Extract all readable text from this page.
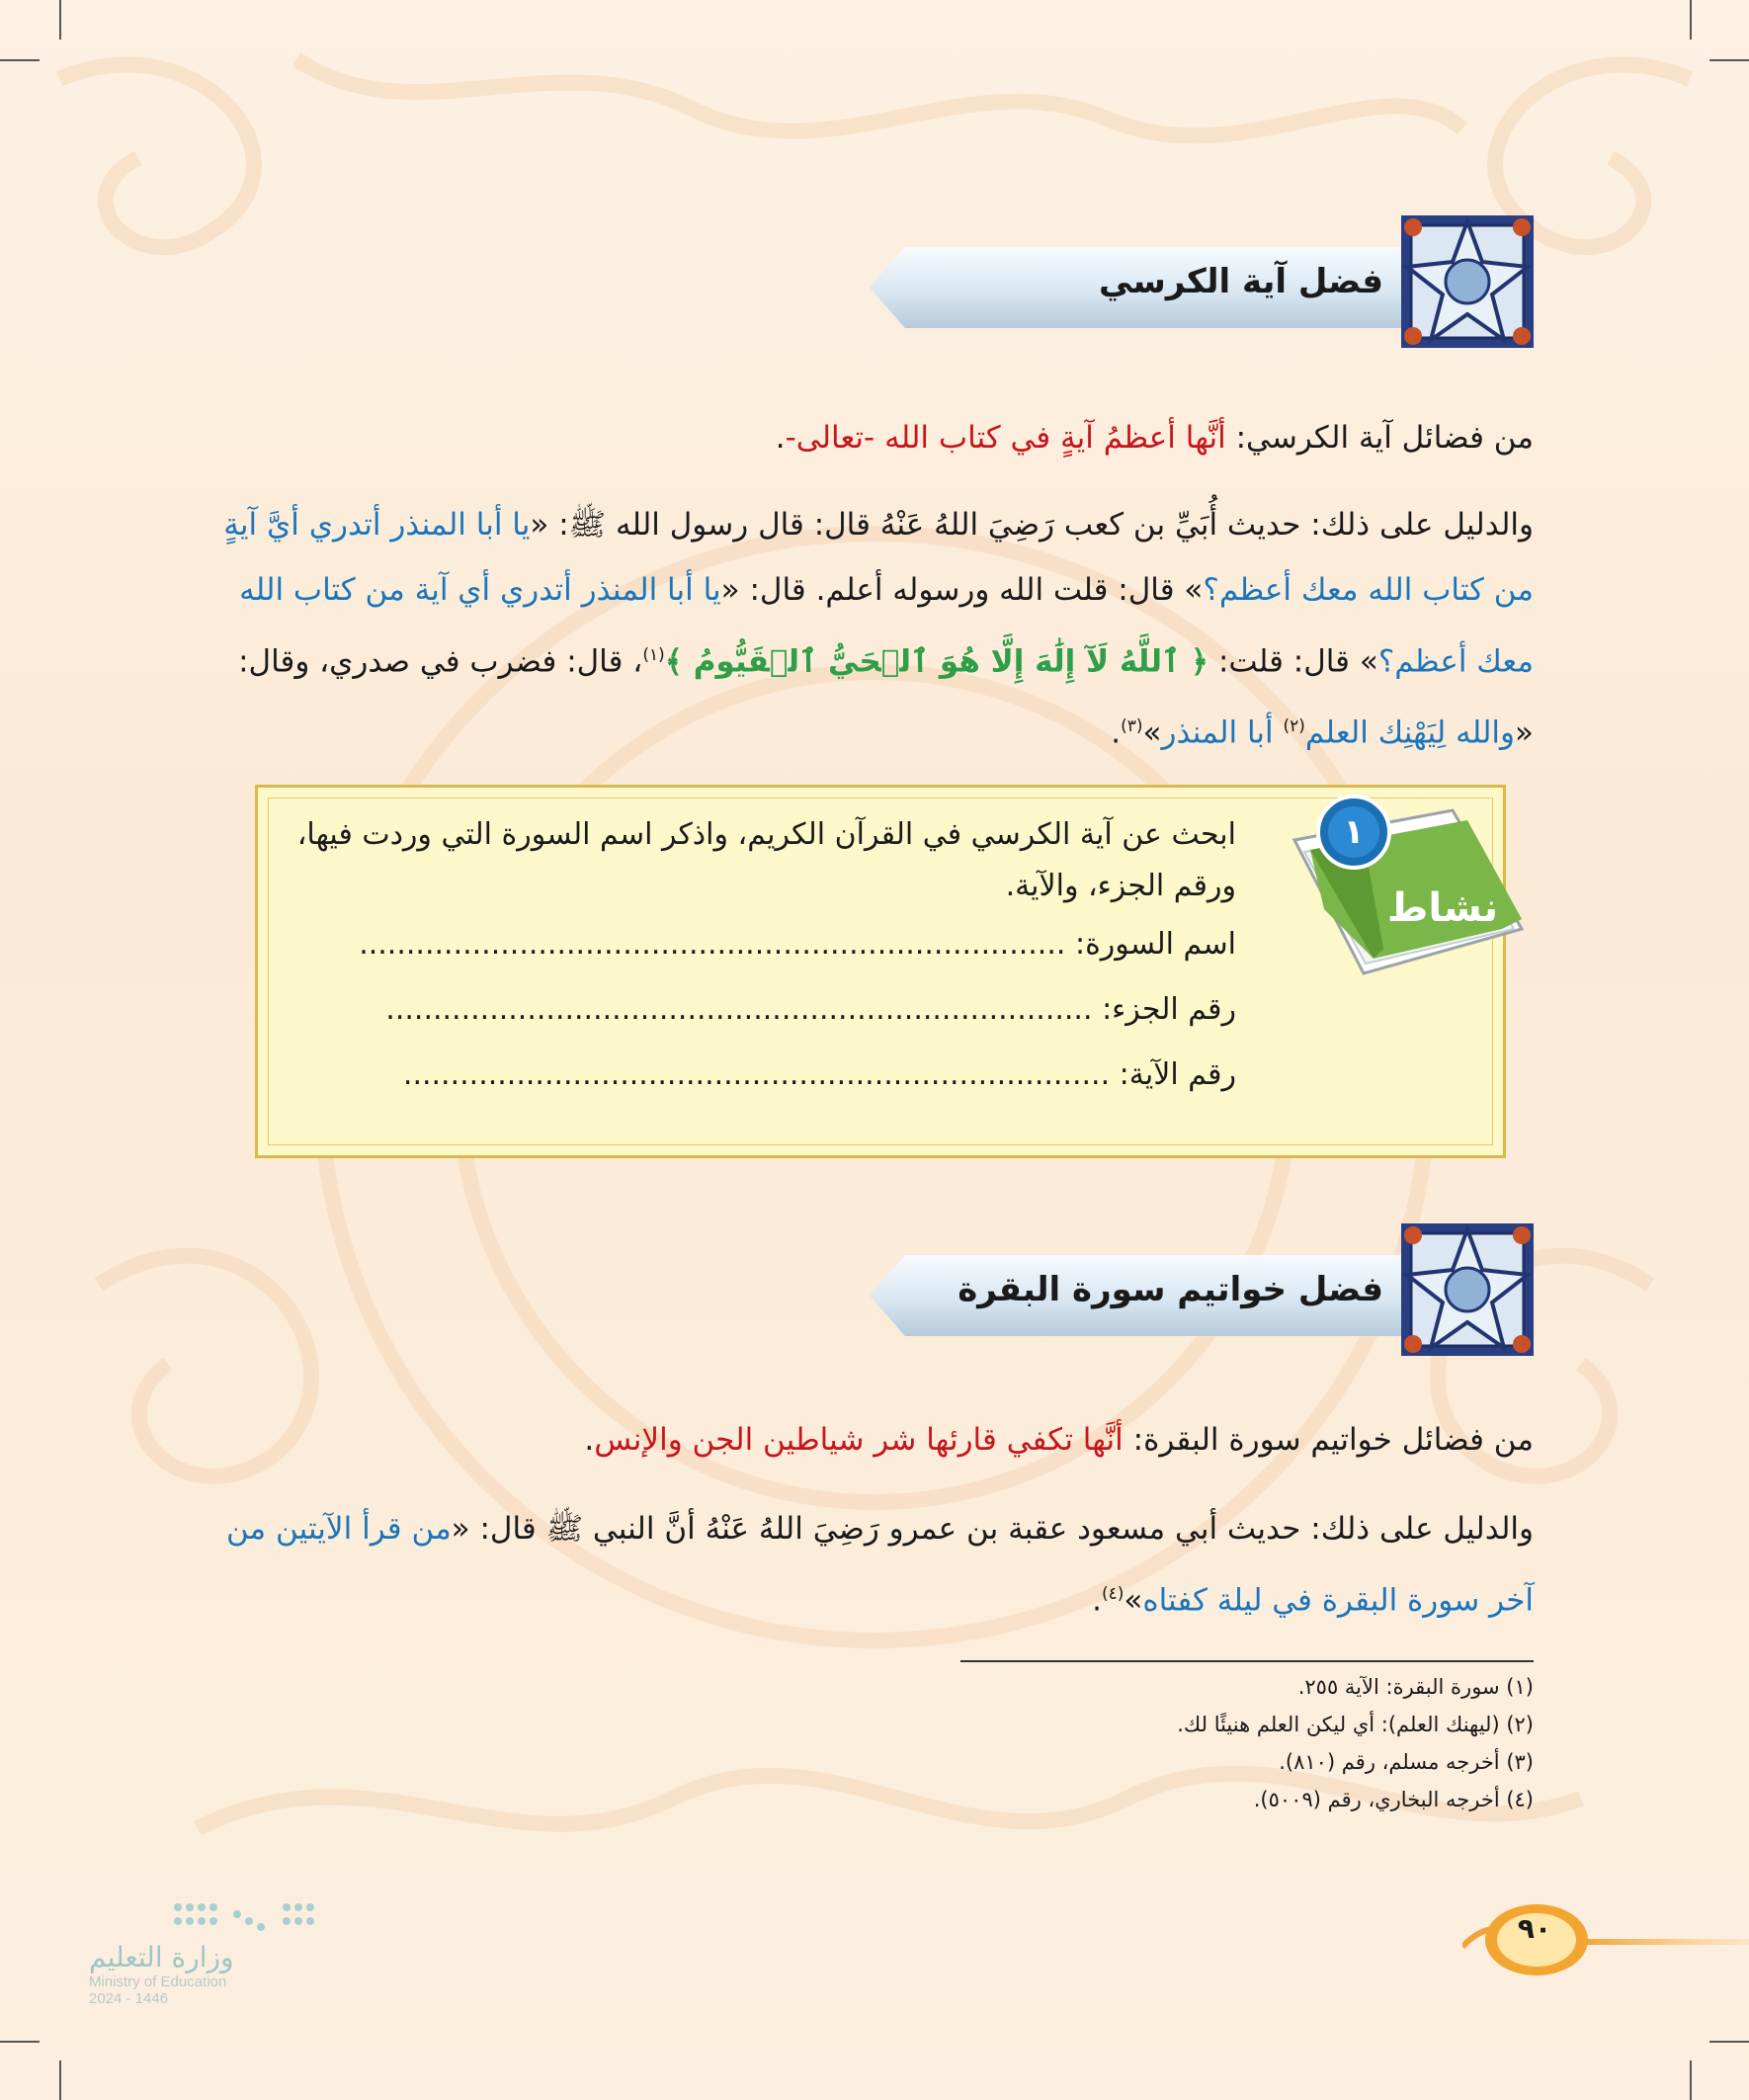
فضل آية الكرسي
من فضائل آية الكرسي: أنَّها أعظمُ آيةٍ في كتاب الله -تعالى-.
والدليل على ذلك: حديث أُبَيِّ بن كعب رَضِيَ اللهُ عَنْهُ قال: قال رسول الله ﷺ: «يا أبا المنذر أتدري أيَّ آيةٍ من كتاب الله معك أعظم؟» قال: قلت الله ورسوله أعلم. قال: «يا أبا المنذر أتدري أي آية من كتاب الله معك أعظم؟» قال: قلت: ﴿ ٱللَّهُ لَآ إِلَٰهَ إِلَّا هُوَ ٱلۡحَيُّ ٱلۡقَيُّومُ ﴾$^{(١)}$، قال: فضرب في صدري، وقال: «والله لِيَهْنِك العلم$^{(٢)}$ أبا المنذر»$^{(٣)}$.
ابحث عن آية الكرسي في القرآن الكريم، واذكر اسم السورة التي وردت فيها، ورقم الجزء، والآية.
اسم السورة: ...........................................................................
رقم الجزء: ...........................................................................
رقم الآية: ...........................................................................
١
نشاط
فضل خواتيم سورة البقرة
من فضائل خواتيم سورة البقرة: أنَّها تكفي قارئها شر شياطين الجن والإنس.
والدليل على ذلك: حديث أبي مسعود عقبة بن عمرو رَضِيَ اللهُ عَنْهُ أنَّ النبي ﷺ قال: «من قرأ الآيتين من آخر سورة البقرة في ليلة كفتاه»$^{(٤)}$.
(١) سورة البقرة: الآية ٢٥٥.
(٢) (ليهنك العلم): أي ليكن العلم هنيئًا لك.
(٣) أخرجه مسلم، رقم (٨١٠).
(٤) أخرجه البخاري، رقم (٥٠٠٩).
٩٠
وزارة التعليم
Ministry of Education
2024 - 1446
